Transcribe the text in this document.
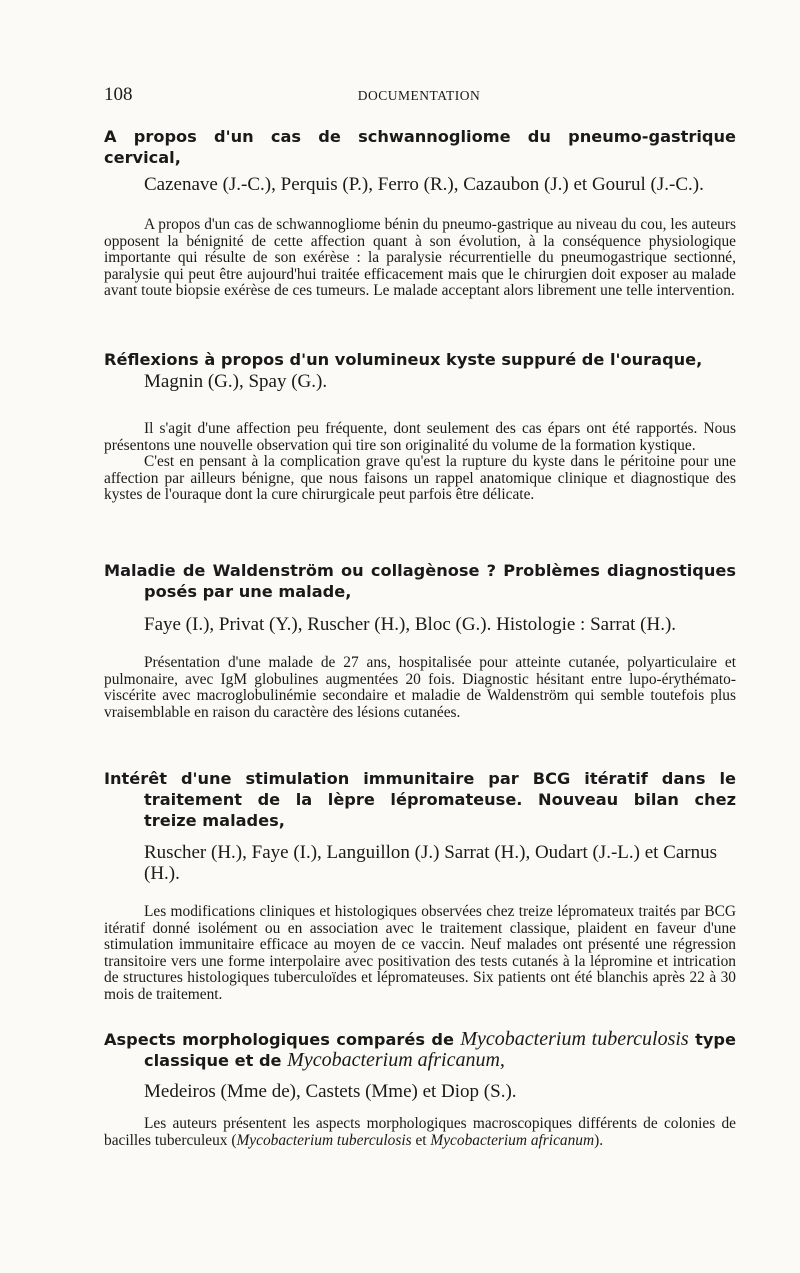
108	DOCUMENTATION
A propos d'un cas de schwannogliome du pneumo-gastrique cervical,
Cazenave (J.-C.), Perquis (P.), Ferro (R.), Cazaubon (J.) et Gourul (J.-C.).

A propos d'un cas de schwannogliome bénin du pneumo-gastrique au niveau du cou, les auteurs opposent la bénignité de cette affection quant à son évolution, à la conséquence physiologique importante qui résulte de son exérèse : la paralysie récurrentielle du pneumogastrique sectionné, paralysie qui peut être aujourd'hui traitée efficacement mais que le chirurgien doit exposer au malade avant toute biopsie exérèse de ces tumeurs. Le malade acceptant alors librement une telle intervention.

Réflexions à propos d'un volumineux kyste suppuré de l'ouraque,
Magnin (G.), Spay (G.).

Il s'agit d'une affection peu fréquente, dont seulement des cas épars ont été rapportés. Nous présentons une nouvelle observation qui tire son originalité du volume de la formation kystique.

C'est en pensant à la complication grave qu'est la rupture du kyste dans le péritoine pour une affection par ailleurs bénigne, que nous faisons un rappel anatomique clinique et diagnostique des kystes de l'ouraque dont la cure chirurgicale peut parfois être délicate.

Maladie de Waldenström ou collagènose ? Problèmes diagnostiques
posés par une malade,
Faye (I.), Privat (Y.), Ruscher (H.), Bloc (G.). Histologie : Sarrat (H.).

Présentation d'une malade de 27 ans, hospitalisée pour atteinte cutanée, polyarticulaire et pulmonaire, avec IgM globulines augmentées 20 fois. Diagnostic hésitant entre lupo-érythémato-viscérite avec macroglobulinémie secondaire et maladie de Waldenström qui semble toutefois plus vraisemblable en raison du caractère des lésions cutanées.

Intérêt d'une stimulation immunitaire par BCG itératif dans le
traitement de la lèpre lépromateuse. Nouveau bilan chez
treize malades,
Ruscher (H.), Faye (I.), Languillon (J.) Sarrat (H.), Oudart (J.-L.) et Carnus (H.).

Les modifications cliniques et histologiques observées chez treize lépromateux traités par BCG itératif donné isolément ou en association avec le traitement classique, plaident en faveur d'une stimulation immunitaire efficace au moyen de ce vaccin. Neuf malades ont présenté une régression transitoire vers une forme interpolaire avec positivation des tests cutanés à la lépromine et intrication de structures histologiques tuberculoïdes et lépromateuses. Six patients ont été blanchis après 22 à 30 mois de traitement.

Aspects morphologiques comparés de Mycobacterium tuberculosis type
classique et de Mycobacterium africanum,
Medeiros (Mme de), Castets (Mme) et Diop (S.).

Les auteurs présentent les aspects morphologiques macroscopiques différents de colonies de bacilles tuberculeux (Mycobacterium tuberculosis et Mycobacterium africanum).
